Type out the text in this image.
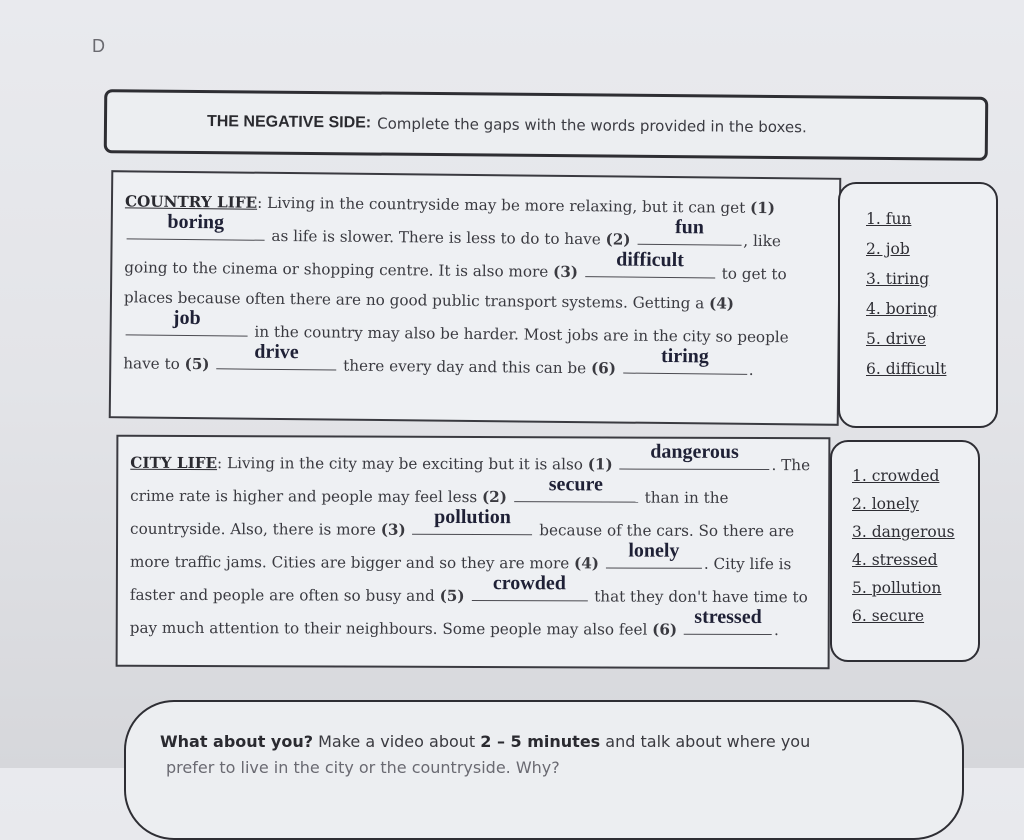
D
THE NEGATIVE SIDE: Complete the gaps with the words provided in the boxes.
COUNTRY LIFE: Living in the countryside may be more relaxing, but it can get (1)
boring
as life is slower. There is less to do to have (2)
fun
, like going to the cinema or shopping centre. It is also more (3)
difficult
to get to places because often there are no good public transport systems. Getting a (4)
job
in the country may also be harder. Most jobs are in the city so people have to (5)
drive
there every day and this can be (6)
tiring
.
1. fun
2. job
3. tiring
4. boring
5. drive
6. difficult
CITY LIFE: Living in the city may be exciting but it is also (1)
dangerous
. The crime rate is higher and people may feel less (2)
secure
than in the countryside. Also, there is more (3)
pollution
because of the cars. So there are more traffic jams. Cities are bigger and so they are more (4)
lonely
. City life is faster and people are often so busy and (5)
crowded
that they don't have time to pay much attention to their neighbours. Some people may also feel (6)
stressed
.
1. crowded
2. lonely
3. dangerous
4. stressed
5. pollution
6. secure
What about you? Make a video about 2 – 5 minutes and talk about where you
prefer to live in the city or the countryside. Why?
